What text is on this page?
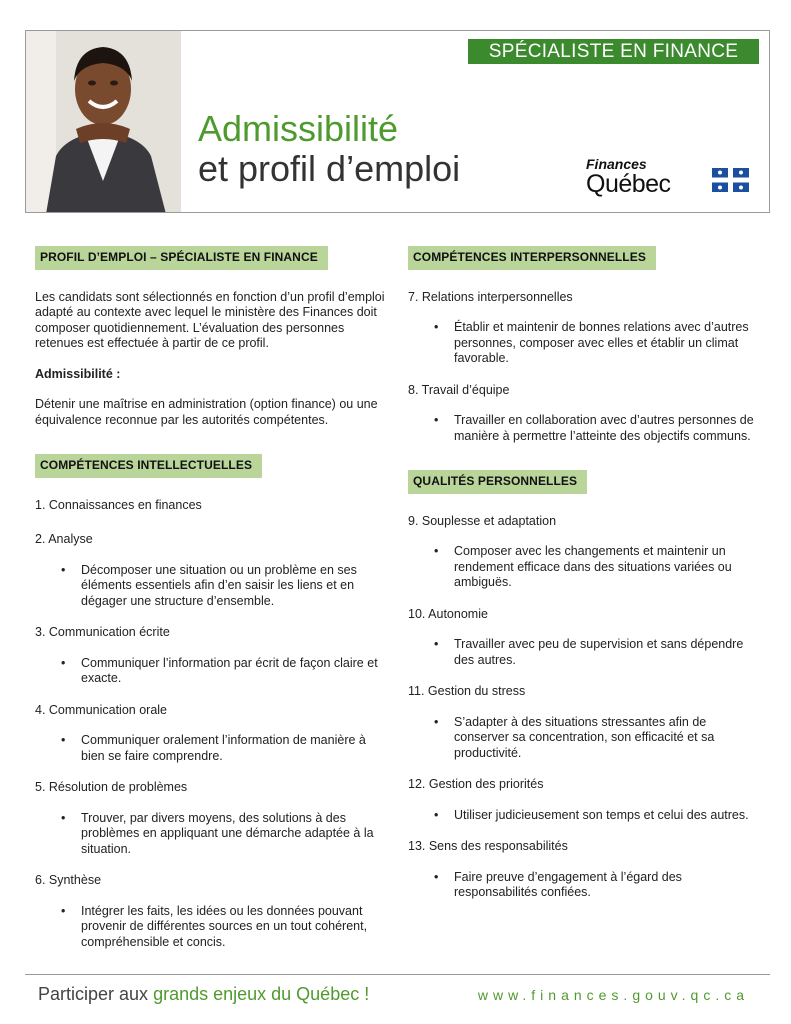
SPÉCIALISTE EN FINANCE
Admissibilité
et profil d’emploi	Finances
Québec
PROFIL D’EMPLOI – SPÉCIALISTE EN FINANCE

Les candidats sont sélectionnés en fonction d’un profil d’emploi adapté au contexte avec lequel le ministère des Finances doit composer quotidiennement. L’évaluation des personnes retenues est effectuée à partir de ce profil.

Admissibilité :

Détenir une maîtrise en administration (option finance) ou une équivalence reconnue par les autorités compétentes.

COMPÉTENCES INTELLECTUELLES

1. Connaissances en finances

2. Analyse

• Décomposer une situation ou un problème en ses éléments essentiels afin d’en saisir les liens et en dégager une structure d’ensemble.

3. Communication écrite

• Communiquer l’information par écrit de façon claire et exacte.

4. Communication orale

• Communiquer oralement l’information de manière à bien se faire comprendre.

5. Résolution de problèmes

• Trouver, par divers moyens, des solutions à des problèmes en appliquant une démarche adaptée à la situation.

6. Synthèse

• Intégrer les faits, les idées ou les données pouvant provenir de différentes sources en un tout cohérent, compréhensible et concis.

COMPÉTENCES INTERPERSONNELLES

7. Relations interpersonnelles

• Établir et maintenir de bonnes relations avec d’autres personnes, composer avec elles et établir un climat favorable.

8. Travail d’équipe

• Travailler en collaboration avec d’autres personnes de manière à permettre l’atteinte des objectifs communs.

QUALITÉS PERSONNELLES

9. Souplesse et adaptation

• Composer avec les changements et maintenir un rendement efficace dans des situations variées ou ambiguës.

10. Autonomie

• Travailler avec peu de supervision et sans dépendre des autres.

11. Gestion du stress

• S’adapter à des situations stressantes afin de conserver sa concentration, son efficacité et sa productivité.

12. Gestion des priorités

• Utiliser judicieusement son temps et celui des autres.

13. Sens des responsabilités

• Faire preuve d’engagement à l’égard des responsabilités confiées.

Participer aux grands enjeux du Québec !	www.finances.gouv.qc.ca
